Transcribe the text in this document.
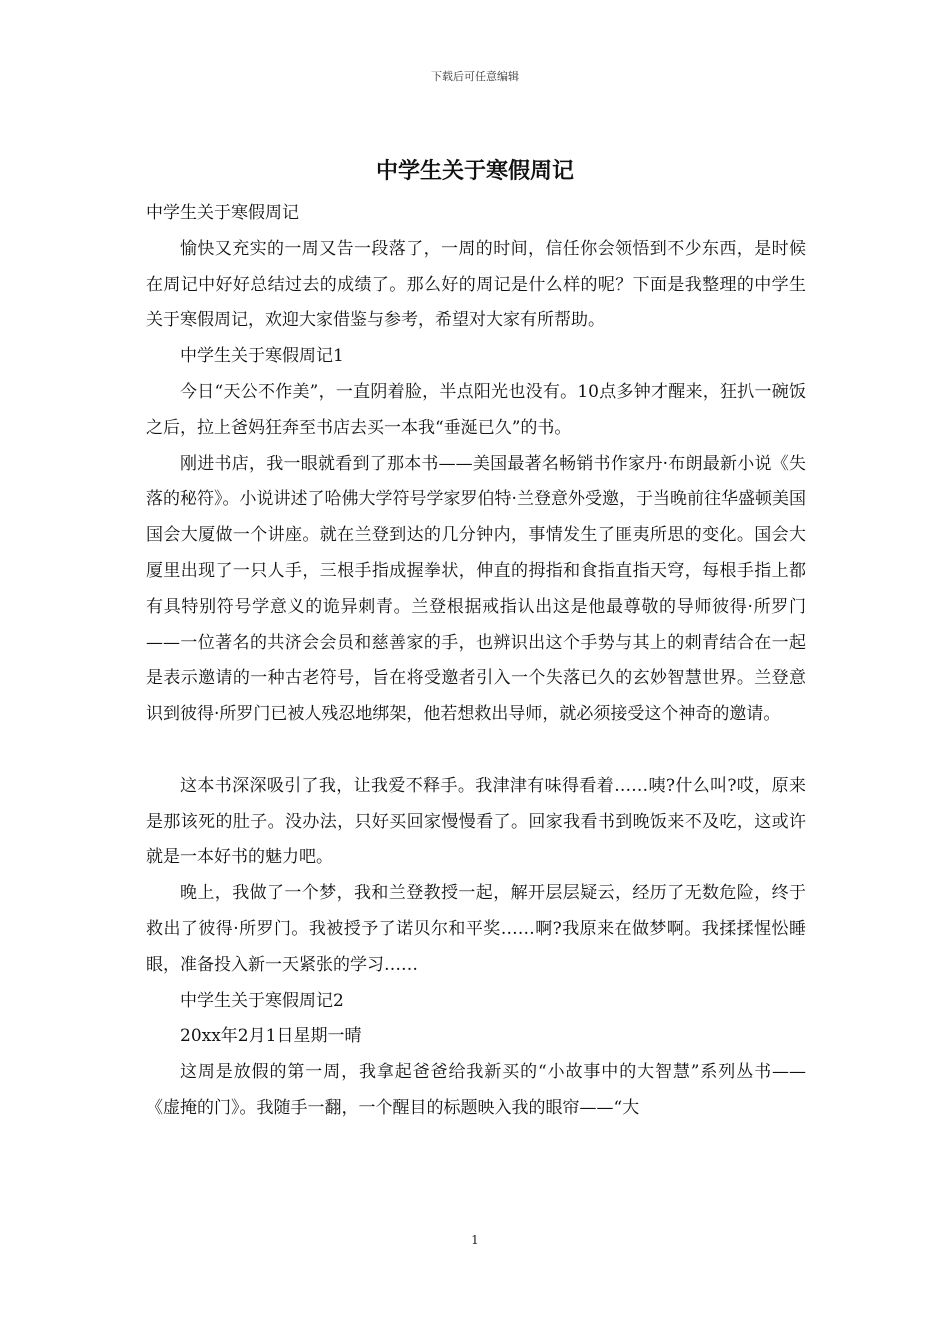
下载后可任意编辑
中学生关于寒假周记

中学生关于寒假周记

愉快又充实的一周又告一段落了，一周的时间，信任你会领悟到不少东西，是时候在周记中好好总结过去的成绩了。那么好的周记是什么样的呢？下面是我整理的中学生关于寒假周记，欢迎大家借鉴与参考，希望对大家有所帮助。

中学生关于寒假周记1

今日“天公不作美”，一直阴着脸，半点阳光也没有。10点多钟才醒来，狂扒一碗饭之后，拉上爸妈狂奔至书店去买一本我“垂涎已久”的书。

刚进书店，我一眼就看到了那本书——美国最著名畅销书作家丹·布朗最新小说《失落的秘符》。小说讲述了哈佛大学符号学家罗伯特·兰登意外受邀，于当晚前往华盛顿美国国会大厦做一个讲座。就在兰登到达的几分钟内，事情发生了匪夷所思的变化。国会大厦里出现了一只人手，三根手指成握拳状，伸直的拇指和食指直指天穹，每根手指上都有具特别符号学意义的诡异刺青。兰登根据戒指认出这是他最尊敬的导师彼得·所罗门——一位著名的共济会会员和慈善家的手，也辨识出这个手势与其上的刺青结合在一起是表示邀请的一种古老符号，旨在将受邀者引入一个失落已久的玄妙智慧世界。兰登意识到彼得·所罗门已被人残忍地绑架，他若想救出导师，就必须接受这个神奇的邀请。

这本书深深吸引了我，让我爱不释手。我津津有味得看着……咦?什么叫?哎，原来是那该死的肚子。没办法，只好买回家慢慢看了。回家我看书到晚饭来不及吃，这或许就是一本好书的魅力吧。

晚上，我做了一个梦，我和兰登教授一起，解开层层疑云，经历了无数危险，终于救出了彼得·所罗门。我被授予了诺贝尔和平奖……啊?我原来在做梦啊。我揉揉惺忪睡眼，准备投入新一天紧张的学习……

中学生关于寒假周记2

20xx年2月1日星期一晴

这周是放假的第一周，我拿起爸爸给我新买的“小故事中的大智慧”系列丛书——《虚掩的门》。我随手一翻，一个醒目的标题映入我的眼帘——“大

1
